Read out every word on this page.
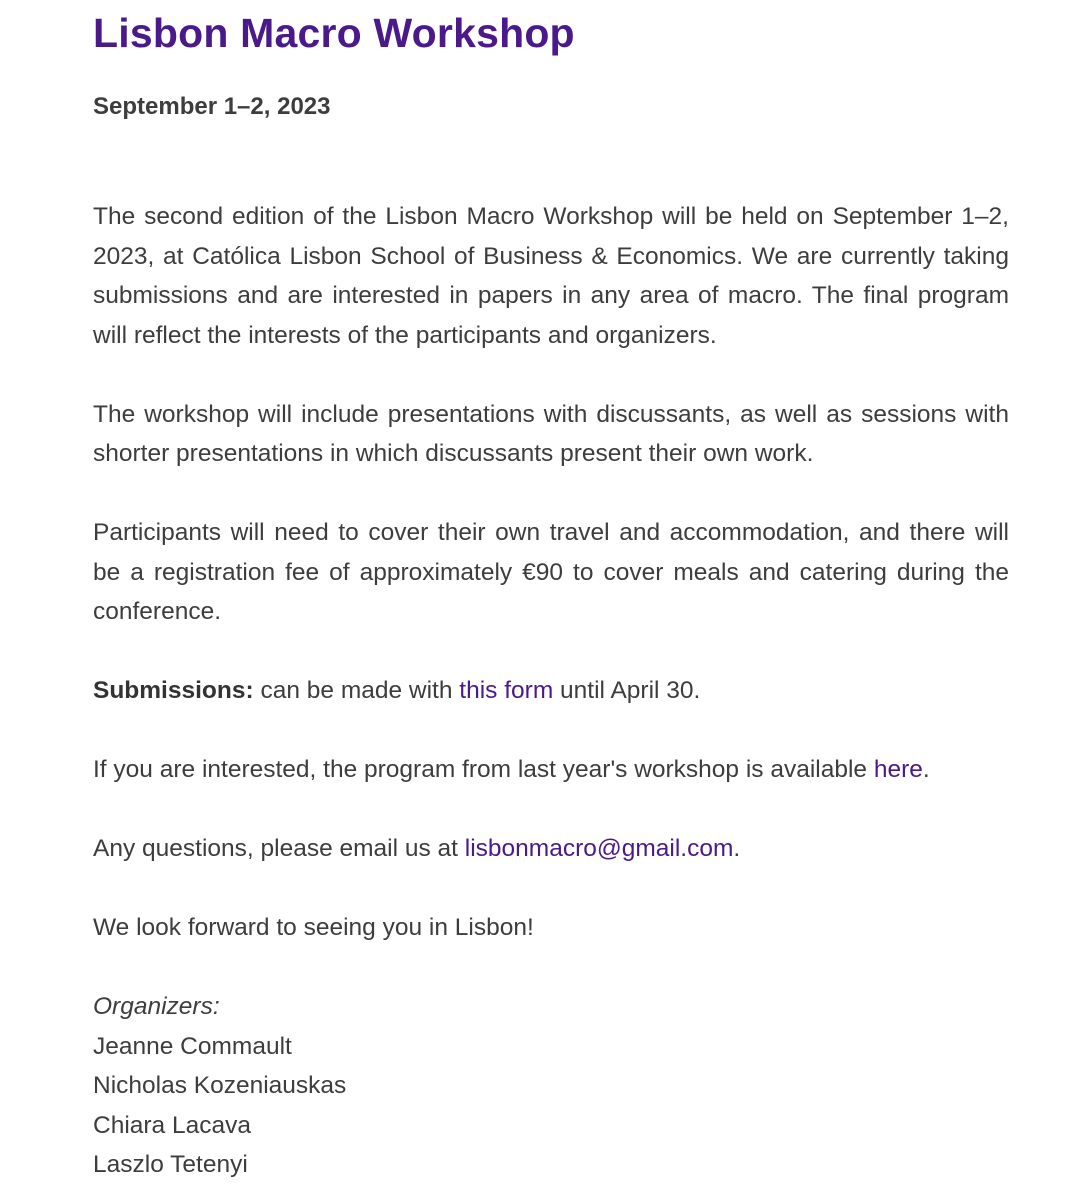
Lisbon Macro Workshop
September 1–2, 2023

The second edition of the Lisbon Macro Workshop will be held on September 1–2, 2023, at Católica Lisbon School of Business & Economics. We are currently taking submissions and are interested in papers in any area of macro. The final program will reflect the interests of the participants and organizers.

The workshop will include presentations with discussants, as well as sessions with shorter presentations in which discussants present their own work.

Participants will need to cover their own travel and accommodation, and there will be a registration fee of approximately €90 to cover meals and catering during the conference.

Submissions: can be made with this form until April 30.

If you are interested, the program from last year's workshop is available here.

Any questions, please email us at lisbonmacro@gmail.com.

We look forward to seeing you in Lisbon!

Organizers:
Jeanne Commault
Nicholas Kozeniauskas
Chiara Lacava
Laszlo Tetenyi
